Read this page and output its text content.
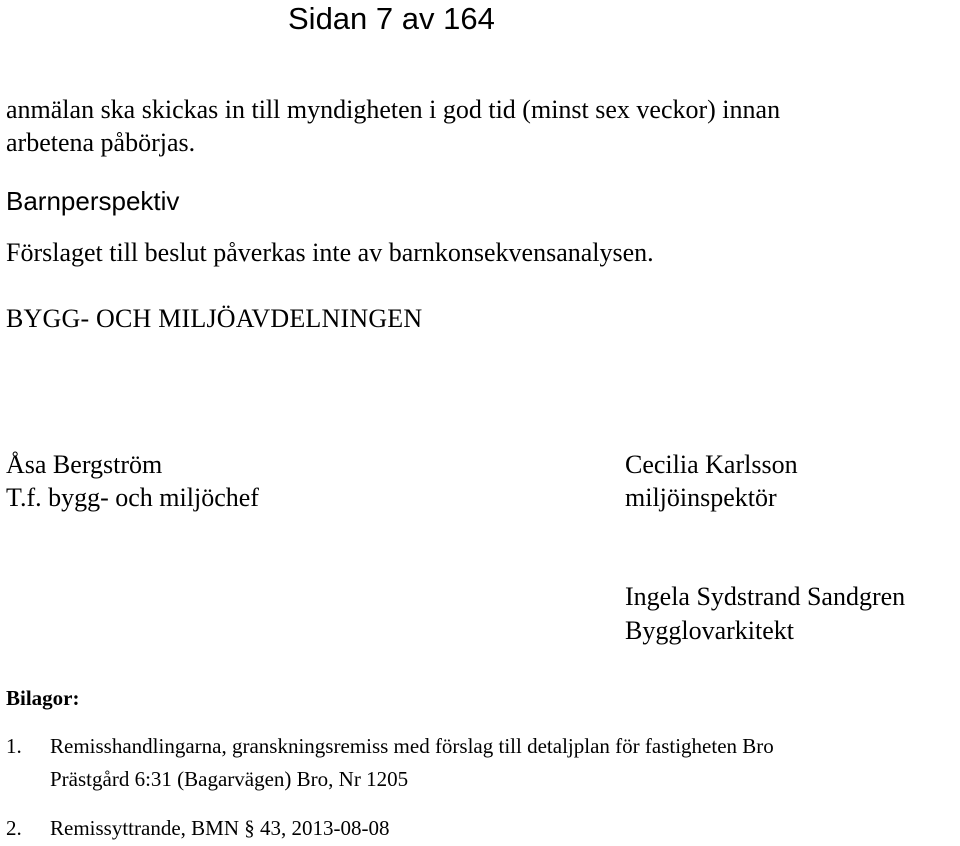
Sidan 7 av 164
anmälan ska skickas in till myndigheten i god tid (minst sex veckor) innan
arbetena påbörjas.
Barnperspektiv
Förslaget till beslut påverkas inte av barnkonsekvensanalysen.
BYGG- OCH MILJÖAVDELNINGEN
Åsa Bergström
T.f. bygg- och miljöchef
Cecilia Karlsson
miljöinspektör
Ingela Sydstrand Sandgren
Bygglovarkitekt
Bilagor:
1. Remisshandlingarna, granskningsremiss med förslag till detaljplan för fastigheten Bro
Prästgård 6:31 (Bagarvägen) Bro, Nr 1205
2. Remissyttrande, BMN § 43, 2013-08-08
